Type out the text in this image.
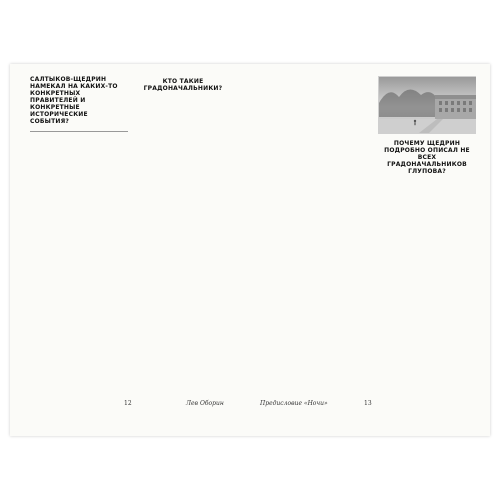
САЛТЫКОВ-ЩЕДРИН НАМЕКАЛ НА КАКИХ-ТО КОНКРЕТНЫХ ПРАВИТЕЛЕЙ И КОНКРЕТНЫЕ ИСТОРИЧЕСКИЕ СОБЫТИЯ?

КТО ТАКИЕ ГРАДОНАЧАЛЬНИКИ?

12	Лев Оборин

ПОЧЕМУ ЩЕДРИН ПОДРОБНО ОПИСАЛ НЕ ВСЕХ ГРАДОНАЧАЛЬНИКОВ ГЛУПОВА?

Предисловие «Ночи»	13
